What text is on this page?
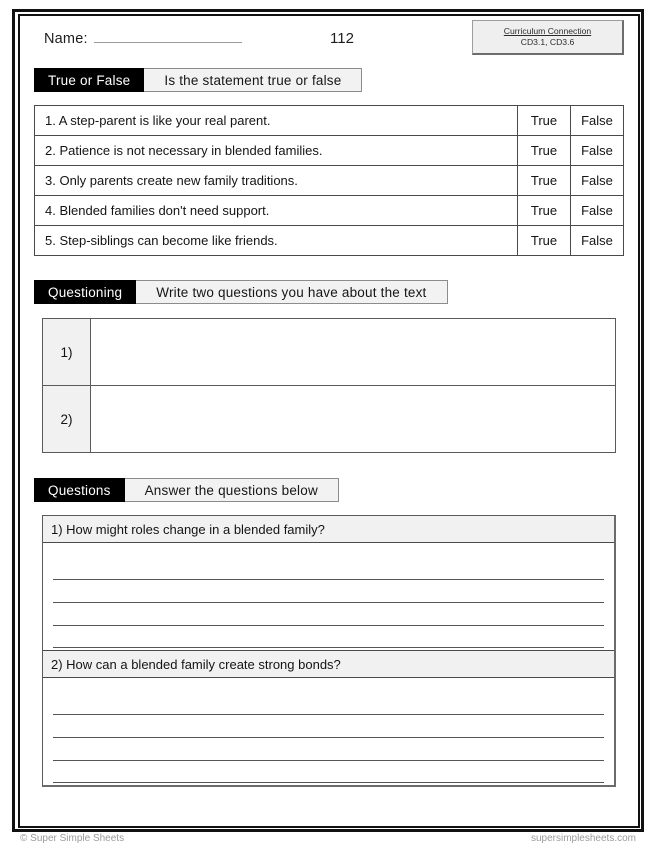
Name:	112	Curriculum Connection
CD3.1, CD3.6
True or False	Is the statement true or false
1. A step-parent is like your real parent.	True	False
2. Patience is not necessary in blended families.	True	False
3. Only parents create new family traditions.	True	False
4. Blended families don't need support.	True	False
5. Step-siblings can become like friends.	True	False
Questioning	Write two questions you have about the text
1)	
2)	
Questions	Answer the questions below
1) How might roles change in a blended family?
2) How can a blended family create strong bonds?
© Super Simple Sheets	supersimplesheets.com
